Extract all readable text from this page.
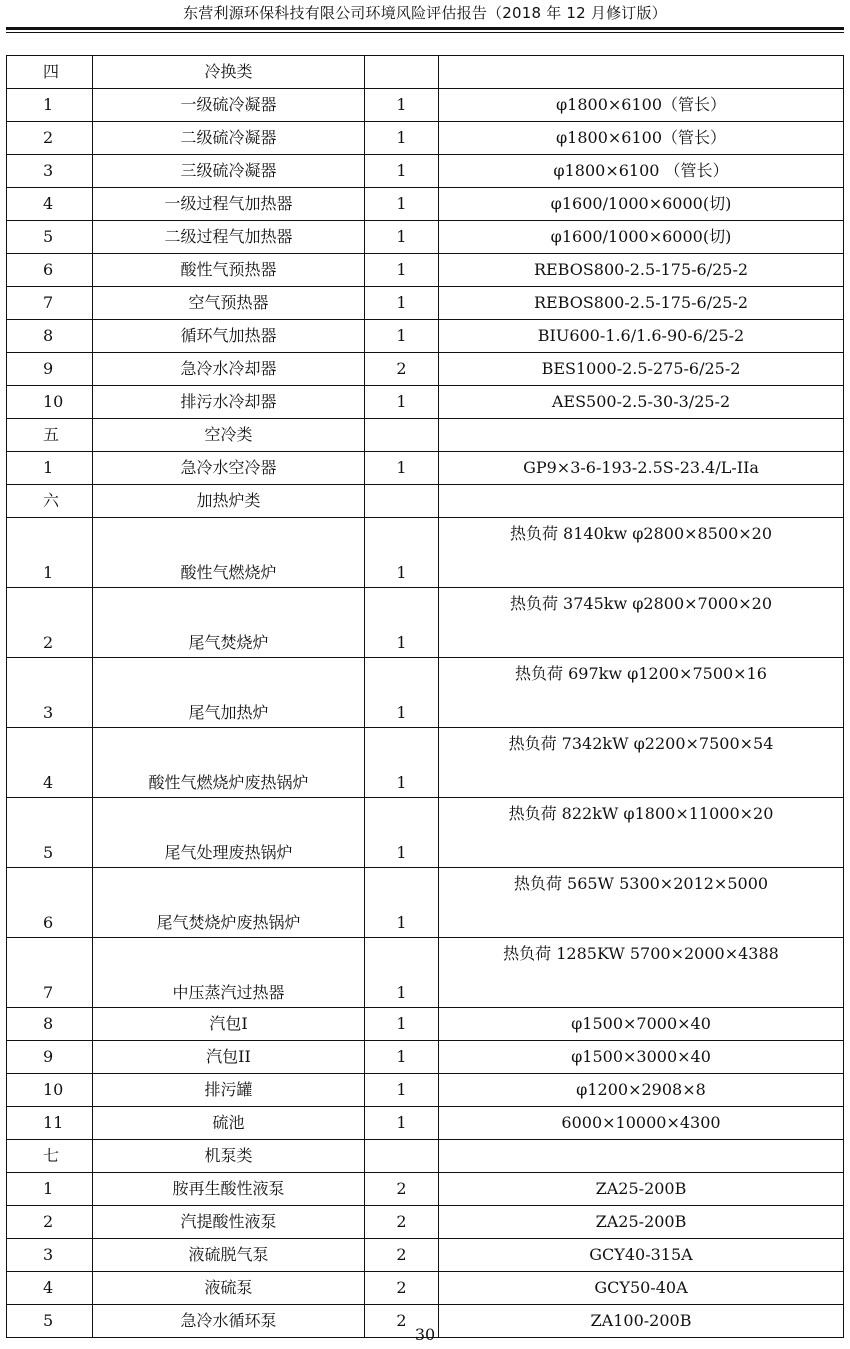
东营利源环保科技有限公司环境风险评估报告（2018 年 12 月修订版）
四	冷换类		
1	一级硫冷凝器	1	φ1800×6100（管长）
2	二级硫冷凝器	1	φ1800×6100（管长）
3	三级硫冷凝器	1	φ1800×6100 （管长）
4	一级过程气加热器	1	φ1600/1000×6000(切)
5	二级过程气加热器	1	φ1600/1000×6000(切)
6	酸性气预热器	1	REBOS800-2.5-175-6/25-2
7	空气预热器	1	REBOS800-2.5-175-6/25-2
8	循环气加热器	1	BIU600-1.6/1.6-90-6/25-2
9	急冷水冷却器	2	BES1000-2.5-275-6/25-2
10	排污水冷却器	1	AES500-2.5-30-3/25-2
五	空冷类		
1	急冷水空冷器	1	GP9×3-6-193-2.5S-23.4/L-IIa
六	加热炉类		
1	酸性气燃烧炉	1	热负荷 8140kw φ2800×8500×20
2	尾气焚烧炉	1	热负荷 3745kw φ2800×7000×20
3	尾气加热炉	1	热负荷 697kw φ1200×7500×16
4	酸性气燃烧炉废热锅炉	1	热负荷 7342kW φ2200×7500×54
5	尾气处理废热锅炉	1	热负荷 822kW φ1800×11000×20
6	尾气焚烧炉废热锅炉	1	热负荷 565W 5300×2012×5000
7	中压蒸汽过热器	1	热负荷 1285KW 5700×2000×4388
8	汽包I	1	φ1500×7000×40
9	汽包II	1	φ1500×3000×40
10	排污罐	1	φ1200×2908×8
11	硫池	1	6000×10000×4300
七	机泵类		
1	胺再生酸性液泵	2	ZA25-200B
2	汽提酸性液泵	2	ZA25-200B
3	液硫脱气泵	2	GCY40-315A
4	液硫泵	2	GCY50-40A
5	急冷水循环泵	2	ZA100-200B
30
